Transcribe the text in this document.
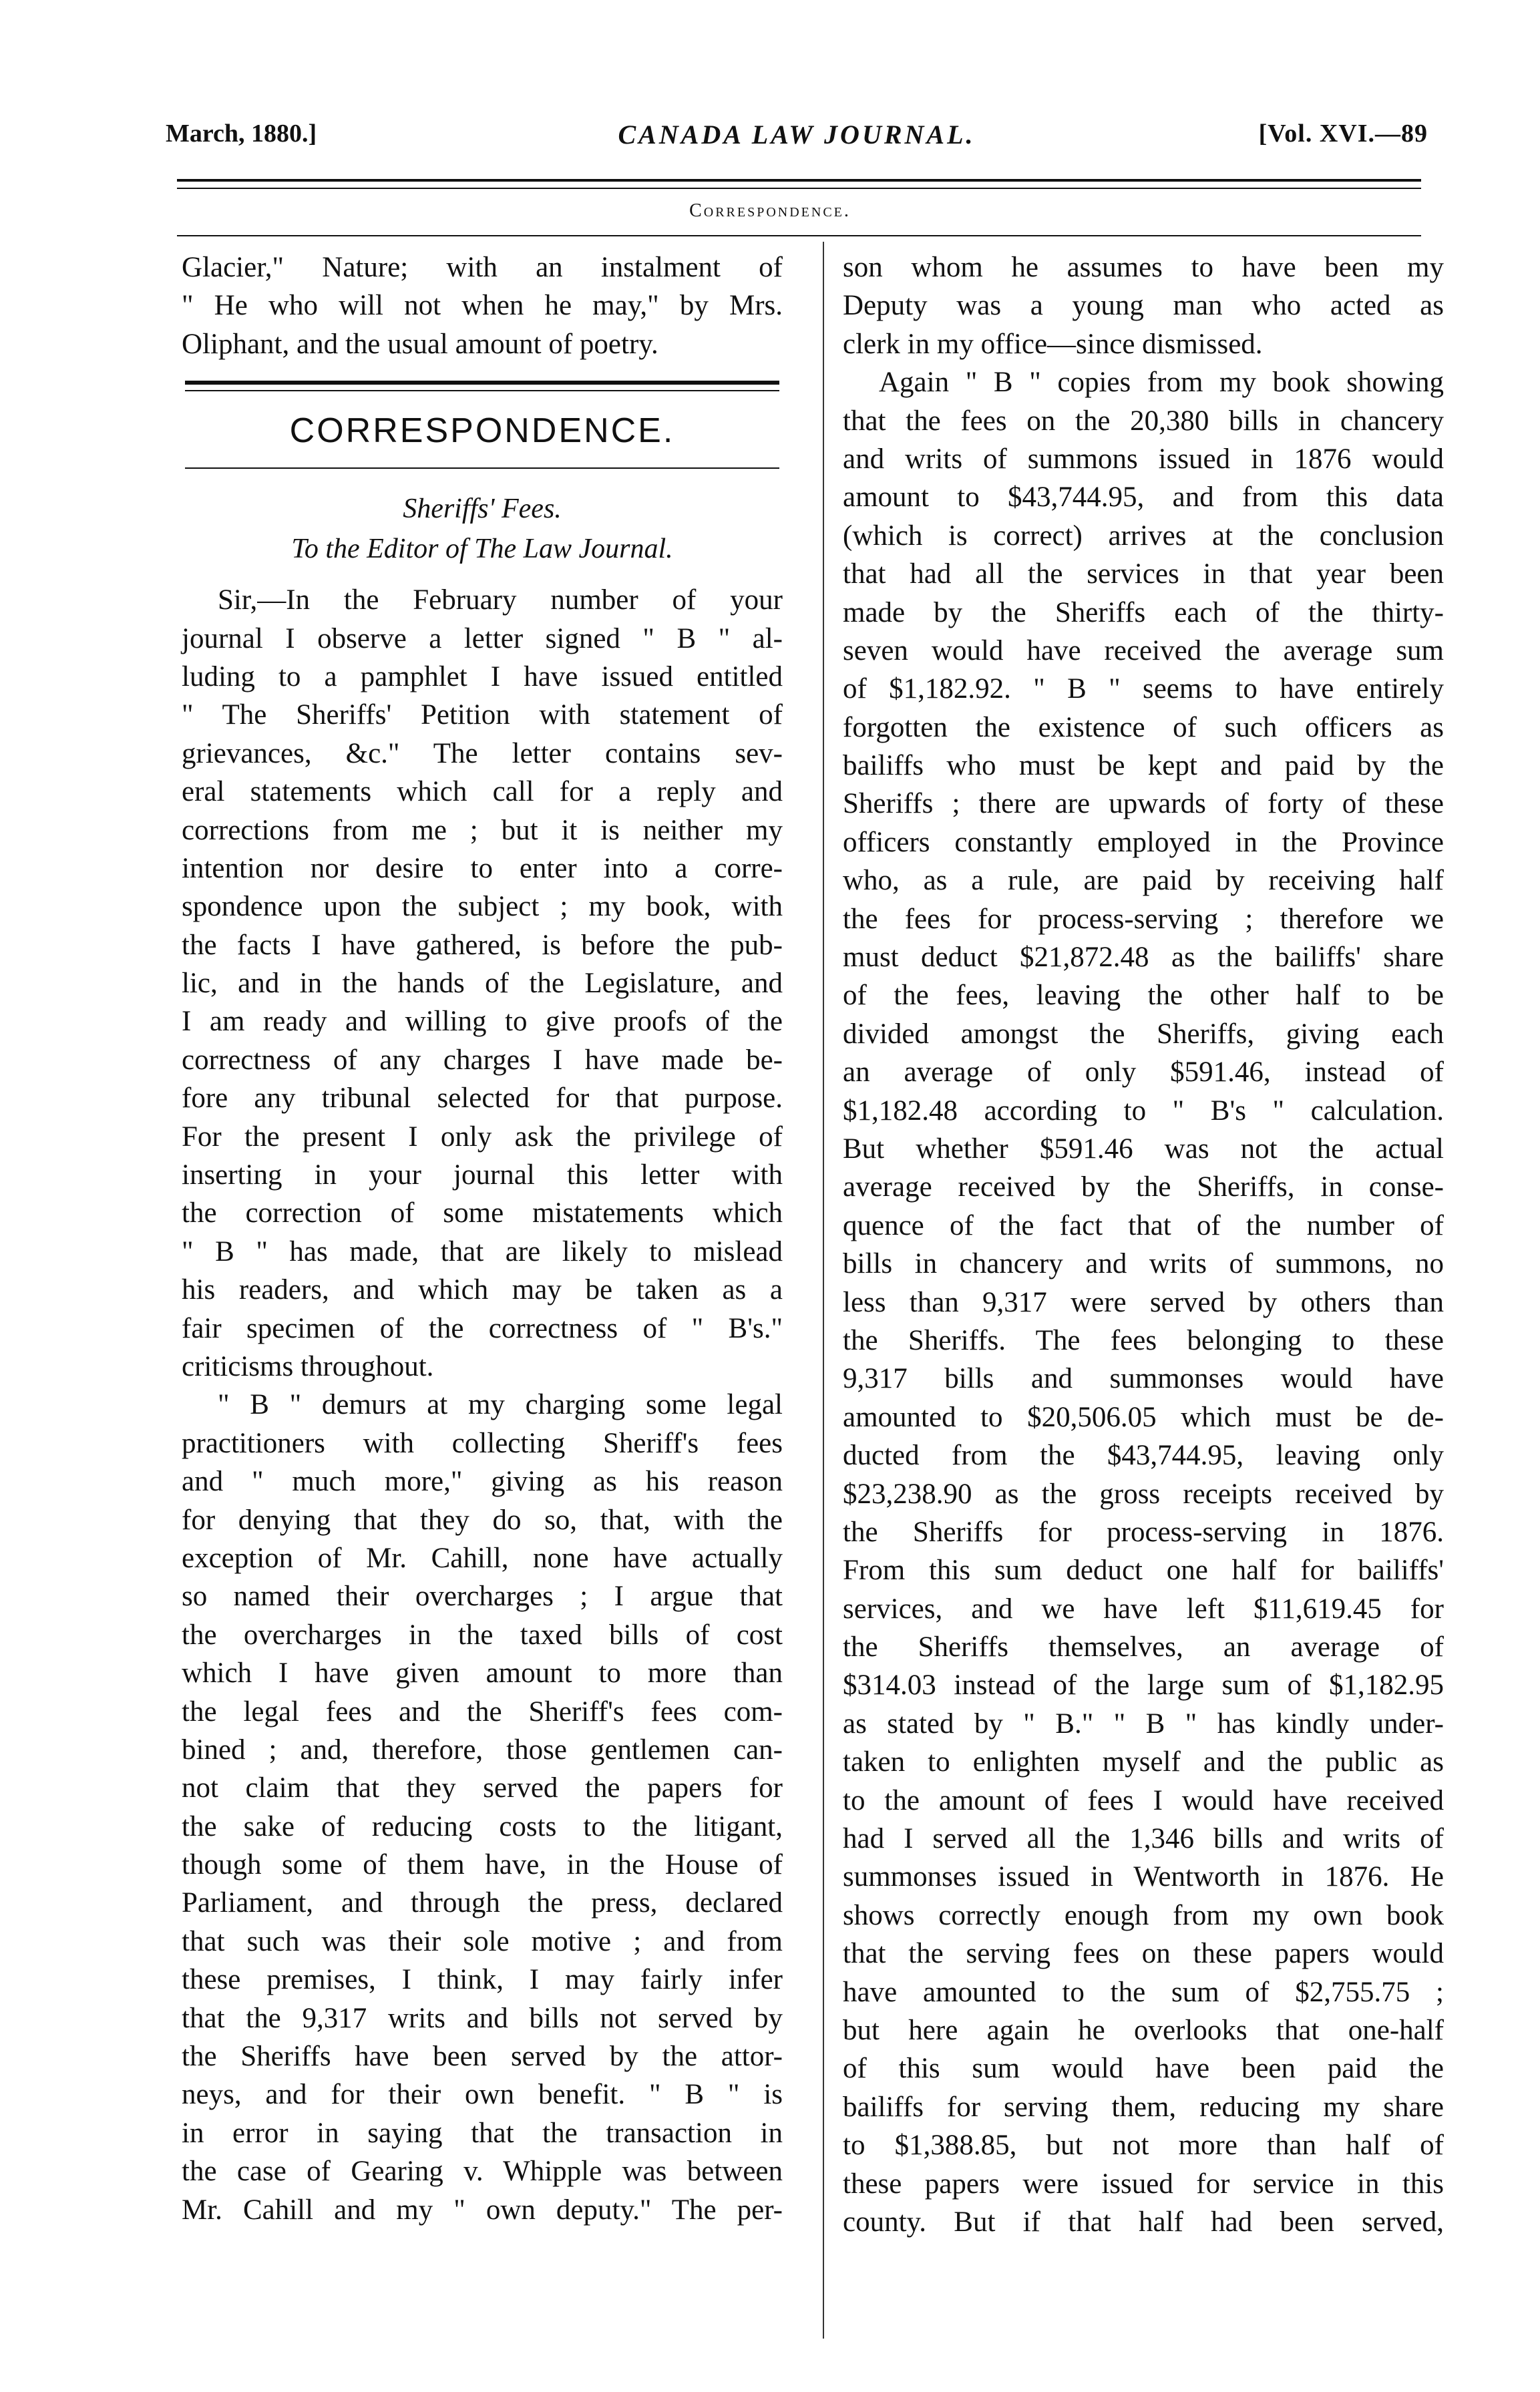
March, 1880.]	CANADA LAW JOURNAL.	[Vol. XVI.—89
Correspondence.
Glacier," Nature; with an instalment of
" He who will not when he may," by Mrs.
Oliphant, and the usual amount of poetry.
CORRESPONDENCE.
Sheriffs' Fees.
To the Editor of The Law Journal.
Sir,—In the February number of your
journal I observe a letter signed " B " al-
luding to a pamphlet I have issued entitled
" The Sheriffs' Petition with statement of
grievances, &c." The letter contains sev-
eral statements which call for a reply and
corrections from me ; but it is neither my
intention nor desire to enter into a corre-
spondence upon the subject ; my book, with
the facts I have gathered, is before the pub-
lic, and in the hands of the Legislature, and
I am ready and willing to give proofs of the
correctness of any charges I have made be-
fore any tribunal selected for that purpose.
For the present I only ask the privilege of
inserting in your journal this letter with
the correction of some mistatements which
" B " has made, that are likely to mislead
his readers, and which may be taken as a
fair specimen of the correctness of " B's."
criticisms throughout.
" B " demurs at my charging some legal
practitioners with collecting Sheriff's fees
and " much more," giving as his reason
for denying that they do so, that, with the
exception of Mr. Cahill, none have actually
so named their overcharges ; I argue that
the overcharges in the taxed bills of cost
which I have given amount to more than
the legal fees and the Sheriff's fees com-
bined ; and, therefore, those gentlemen can-
not claim that they served the papers for
the sake of reducing costs to the litigant,
though some of them have, in the House of
Parliament, and through the press, declared
that such was their sole motive ; and from
these premises, I think, I may fairly infer
that the 9,317 writs and bills not served by
the Sheriffs have been served by the attor-
neys, and for their own benefit. " B " is
in error in saying that the transaction in
the case of Gearing v. Whipple was between
Mr. Cahill and my " own deputy." The per-
son whom he assumes to have been my
Deputy was a young man who acted as
clerk in my office—since dismissed.
Again " B " copies from my book showing
that the fees on the 20,380 bills in chancery
and writs of summons issued in 1876 would
amount to $43,744.95, and from this data
(which is correct) arrives at the conclusion
that had all the services in that year been
made by the Sheriffs each of the thirty-
seven would have received the average sum
of $1,182.92. " B " seems to have entirely
forgotten the existence of such officers as
bailiffs who must be kept and paid by the
Sheriffs ; there are upwards of forty of these
officers constantly employed in the Province
who, as a rule, are paid by receiving half
the fees for process-serving ; therefore we
must deduct $21,872.48 as the bailiffs' share
of the fees, leaving the other half to be
divided amongst the Sheriffs, giving each
an average of only $591.46, instead of
$1,182.48 according to " B's " calculation.
But whether $591.46 was not the actual
average received by the Sheriffs, in conse-
quence of the fact that of the number of
bills in chancery and writs of summons, no
less than 9,317 were served by others than
the Sheriffs. The fees belonging to these
9,317 bills and summonses would have
amounted to $20,506.05 which must be de-
ducted from the $43,744.95, leaving only
$23,238.90 as the gross receipts received by
the Sheriffs for process-serving in 1876.
From this sum deduct one half for bailiffs'
services, and we have left $11,619.45 for
the Sheriffs themselves, an average of
$314.03 instead of the large sum of $1,182.95
as stated by " B." " B " has kindly under-
taken to enlighten myself and the public as
to the amount of fees I would have received
had I served all the 1,346 bills and writs of
summonses issued in Wentworth in 1876. He
shows correctly enough from my own book
that the serving fees on these papers would
have amounted to the sum of $2,755.75 ;
but here again he overlooks that one-half
of this sum would have been paid the
bailiffs for serving them, reducing my share
to $1,388.85, but not more than half of
these papers were issued for service in this
county. But if that half had been served,
